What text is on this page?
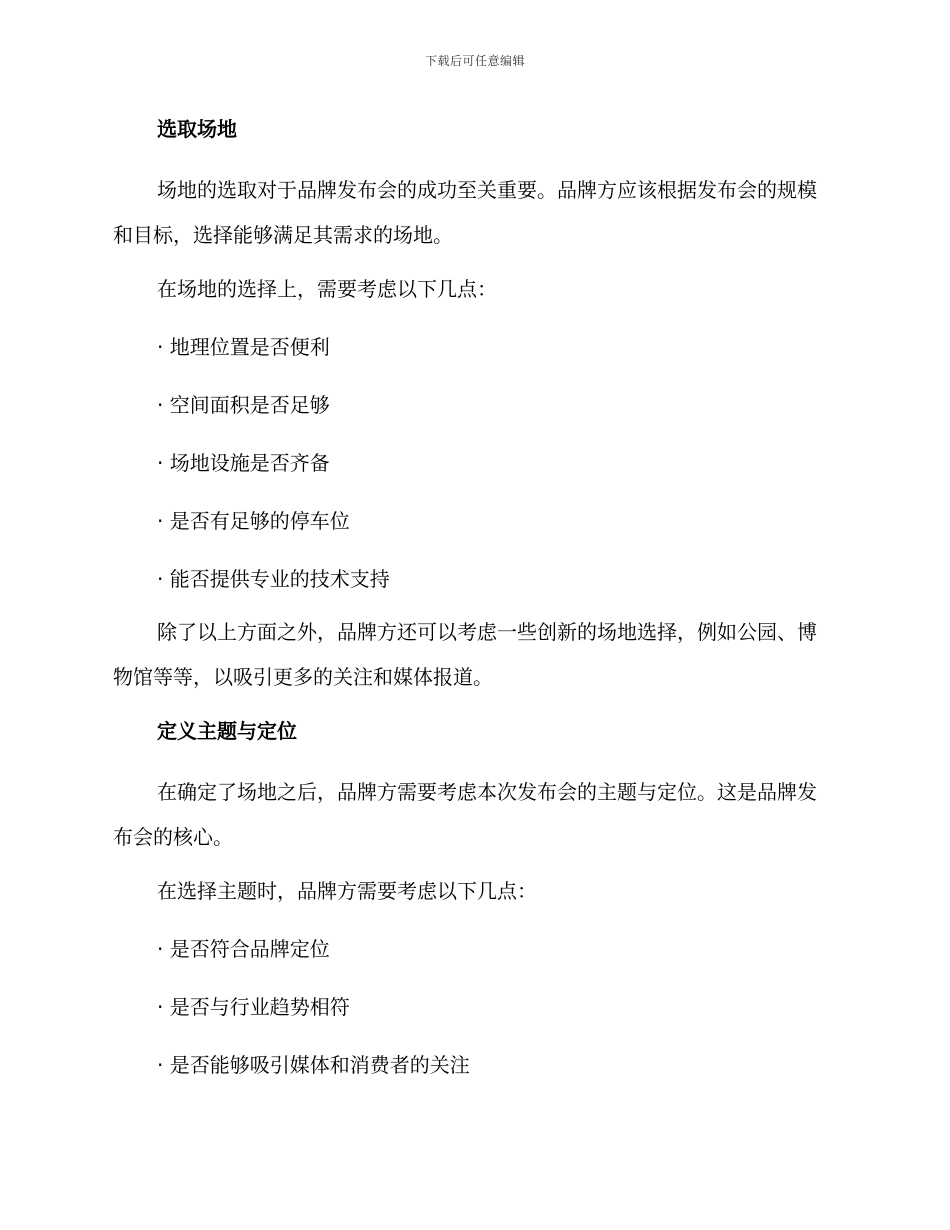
下载后可任意编辑
选取场地

场地的选取对于品牌发布会的成功至关重要。品牌方应该根据发布会的规模和目标，选择能够满足其需求的场地。

在场地的选择上，需要考虑以下几点：
· 地理位置是否便利
· 空间面积是否足够
· 场地设施是否齐备
· 是否有足够的停车位
· 能否提供专业的技术支持

除了以上方面之外，品牌方还可以考虑一些创新的场地选择，例如公园、博物馆等等，以吸引更多的关注和媒体报道。

定义主题与定位

在确定了场地之后，品牌方需要考虑本次发布会的主题与定位。这是品牌发布会的核心。

在选择主题时，品牌方需要考虑以下几点：
· 是否符合品牌定位
· 是否与行业趋势相符
· 是否能够吸引媒体和消费者的关注
